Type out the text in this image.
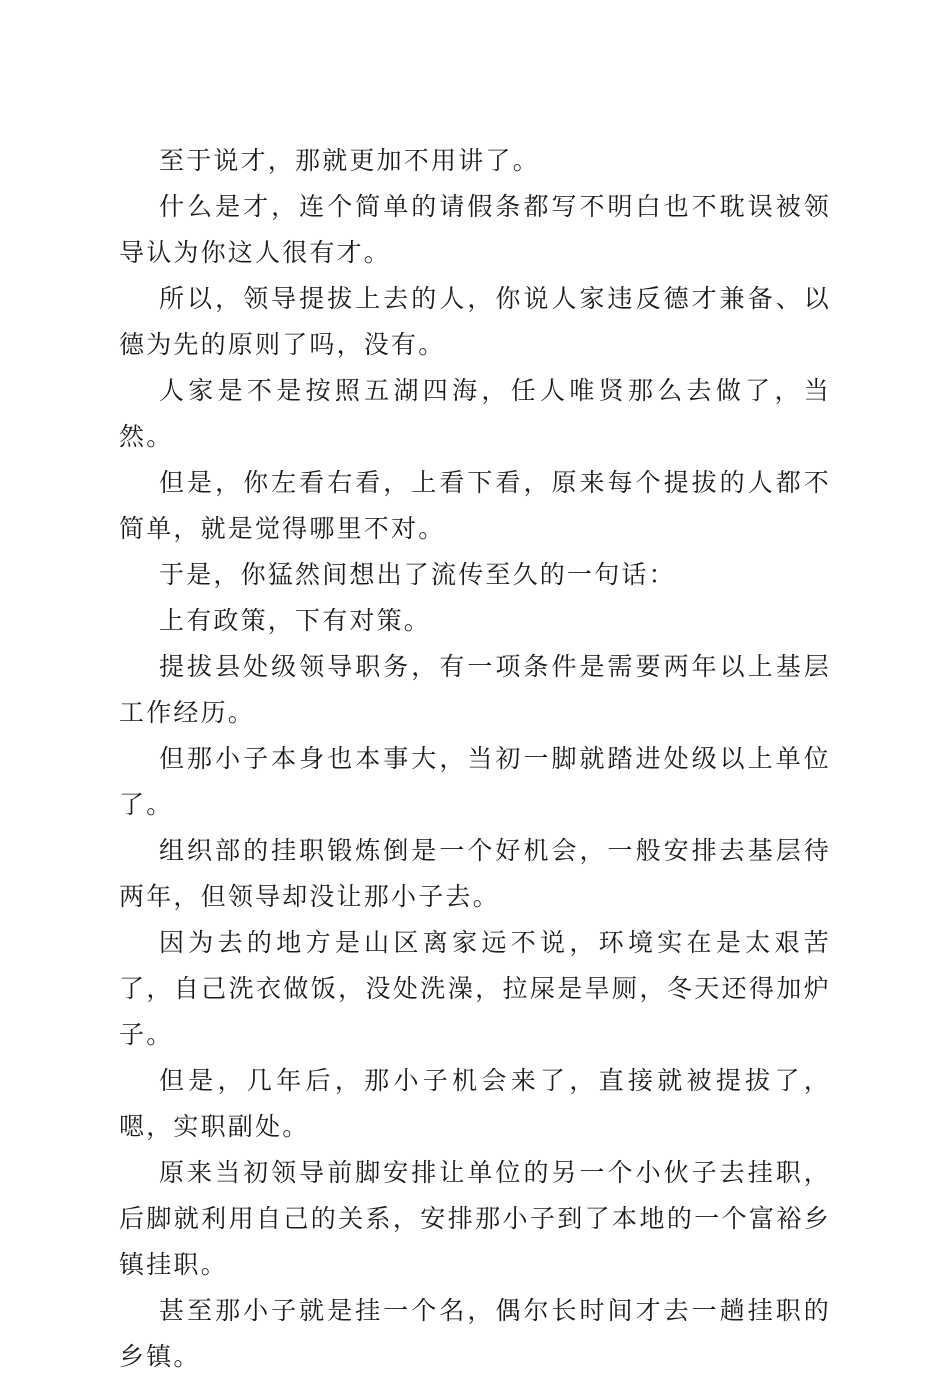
至于说才，那就更加不用讲了。

什么是才，连个简单的请假条都写不明白也不耽误被领导认为你这人很有才。

所以，领导提拔上去的人，你说人家违反德才兼备、以德为先的原则了吗，没有。

人家是不是按照五湖四海，任人唯贤那么去做了，当然。

但是，你左看右看，上看下看，原来每个提拔的人都不简单，就是觉得哪里不对。

于是，你猛然间想出了流传至久的一句话：

上有政策，下有对策。

提拔县处级领导职务，有一项条件是需要两年以上基层工作经历。

但那小子本身也本事大，当初一脚就踏进处级以上单位了。

组织部的挂职锻炼倒是一个好机会，一般安排去基层待两年，但领导却没让那小子去。

因为去的地方是山区离家远不说，环境实在是太艰苦了，自己洗衣做饭，没处洗澡，拉屎是旱厕，冬天还得加炉子。

但是，几年后，那小子机会来了，直接就被提拔了，嗯，实职副处。

原来当初领导前脚安排让单位的另一个小伙子去挂职，后脚就利用自己的关系，安排那小子到了本地的一个富裕乡镇挂职。

甚至那小子就是挂一个名，偶尔长时间才去一趟挂职的乡镇。
